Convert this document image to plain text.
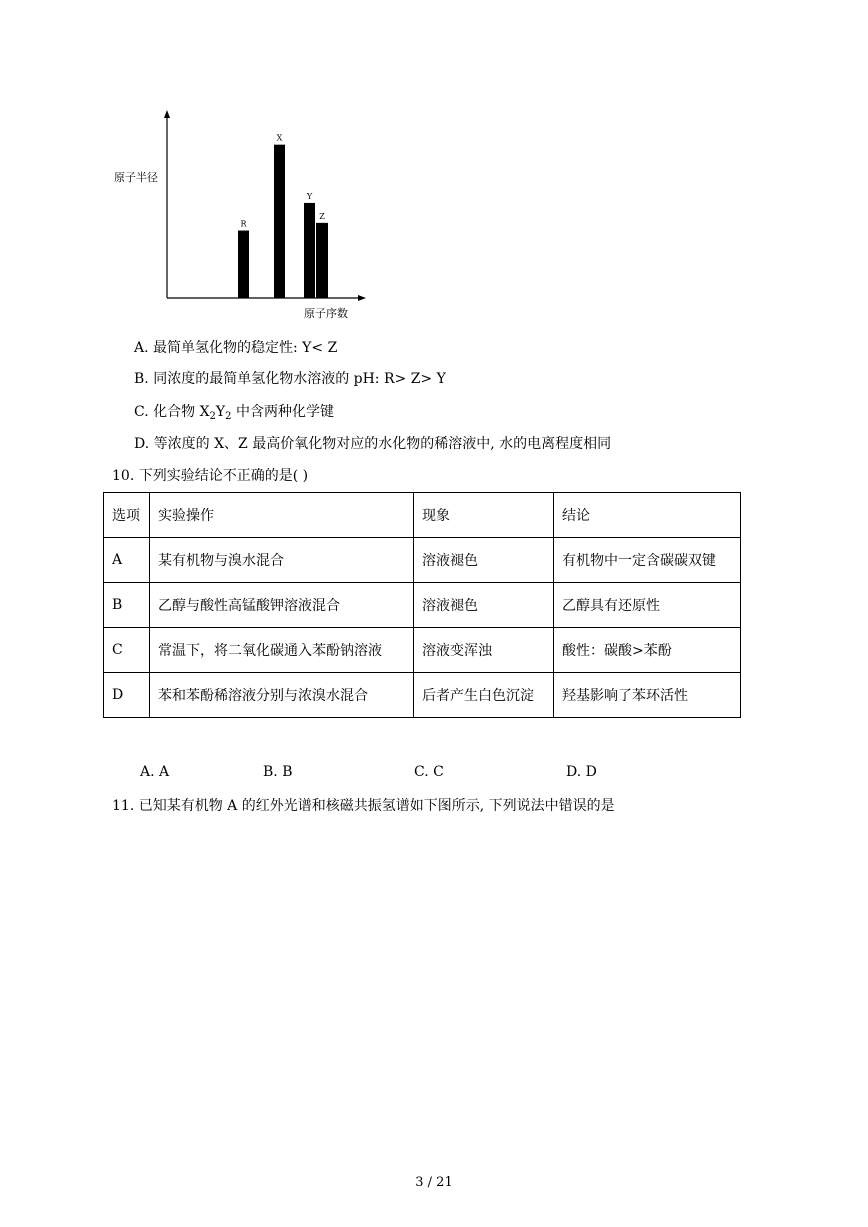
原子半径
原子序数
R
X
Y
Z
A. 最简单氢化物的稳定性: Y< Z
B. 同浓度的最简单氢化物水溶液的 pH: R> Z> Y
C. 化合物 $X_2Y_2$ 中含两种化学键
D. 等浓度的 X、Z 最高价氧化物对应的水化物的稀溶液中, 水的电离程度相同
10. 下列实验结论不正确的是( )
选项	实验操作	现象	结论
A	某有机物与溴水混合	溶液褪色	有机物中一定含碳碳双键
B	乙醇与酸性高锰酸钾溶液混合	溶液褪色	乙醇具有还原性
C	常温下，将二氧化碳通入苯酚钠溶液	溶液变浑浊	酸性：碳酸>苯酚
D	苯和苯酚稀溶液分别与浓溴水混合	后者产生白色沉淀	羟基影响了苯环活性
A. A	B. B	C. C	D. D
11. 已知某有机物 A 的红外光谱和核磁共振氢谱如下图所示, 下列说法中错误的是
3 / 21
